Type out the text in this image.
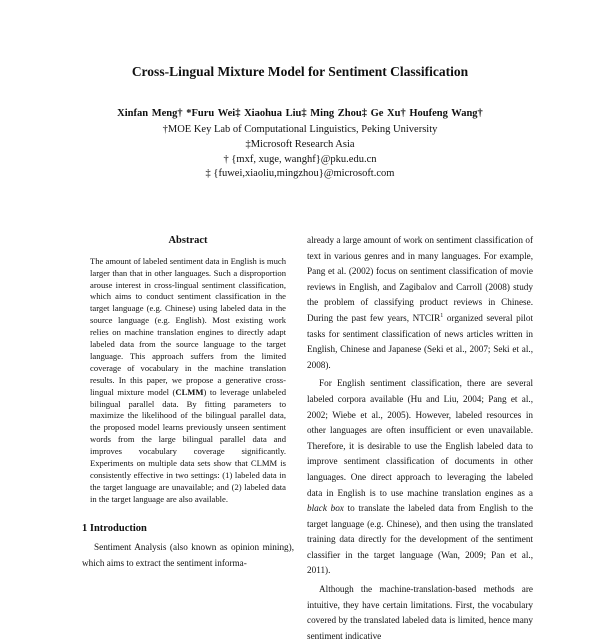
Cross-Lingual Mixture Model for Sentiment Classification
Xinfan Meng† *Furu Wei‡ Xiaohua Liu‡ Ming Zhou‡ Ge Xu† Houfeng Wang†
†MOE Key Lab of Computational Linguistics, Peking University
‡Microsoft Research Asia
† {mxf, xuge, wanghf}@pku.edu.cn
‡ {fuwei,xiaoliu,mingzhou}@microsoft.com
Abstract

The amount of labeled sentiment data in English is much larger than that in other languages. Such a disproportion arouse interest in cross-lingual sentiment classification, which aims to conduct sentiment classification in the target language (e.g. Chinese) using labeled data in the source language (e.g. English). Most existing work relies on machine translation engines to directly adapt labeled data from the source language to the target language. This approach suffers from the limited coverage of vocabulary in the machine translation results. In this paper, we propose a generative cross-lingual mixture model (CLMM) to leverage unlabeled bilingual parallel data. By fitting parameters to maximize the likelihood of the bilingual parallel data, the proposed model learns previously unseen sentiment words from the large bilingual parallel data and improves vocabulary coverage significantly. Experiments on multiple data sets show that CLMM is consistently effective in two settings: (1) labeled data in the target language are unavailable; and (2) labeled data in the target language are also available.

1 Introduction

Sentiment Analysis (also known as opinion mining), which aims to extract the sentiment informa-

already a large amount of work on sentiment classification of text in various genres and in many languages. For example, Pang et al. (2002) focus on sentiment classification of movie reviews in English, and Zagibalov and Carroll (2008) study the problem of classifying product reviews in Chinese. During the past few years, NTCIR$^1$ organized several pilot tasks for sentiment classification of news articles written in English, Chinese and Japanese (Seki et al., 2007; Seki et al., 2008).

For English sentiment classification, there are several labeled corpora available (Hu and Liu, 2004; Pang et al., 2002; Wiebe et al., 2005). However, labeled resources in other languages are often insufficient or even unavailable. Therefore, it is desirable to use the English labeled data to improve sentiment classification of documents in other languages. One direct approach to leveraging the labeled data in English is to use machine translation engines as a black box to translate the labeled data from English to the target language (e.g. Chinese), and then using the translated training data directly for the development of the sentiment classifier in the target language (Wan, 2009; Pan et al., 2011).

Although the machine-translation-based methods are intuitive, they have certain limitations. First, the vocabulary covered by the translated labeled data is limited, hence many sentiment indicative
